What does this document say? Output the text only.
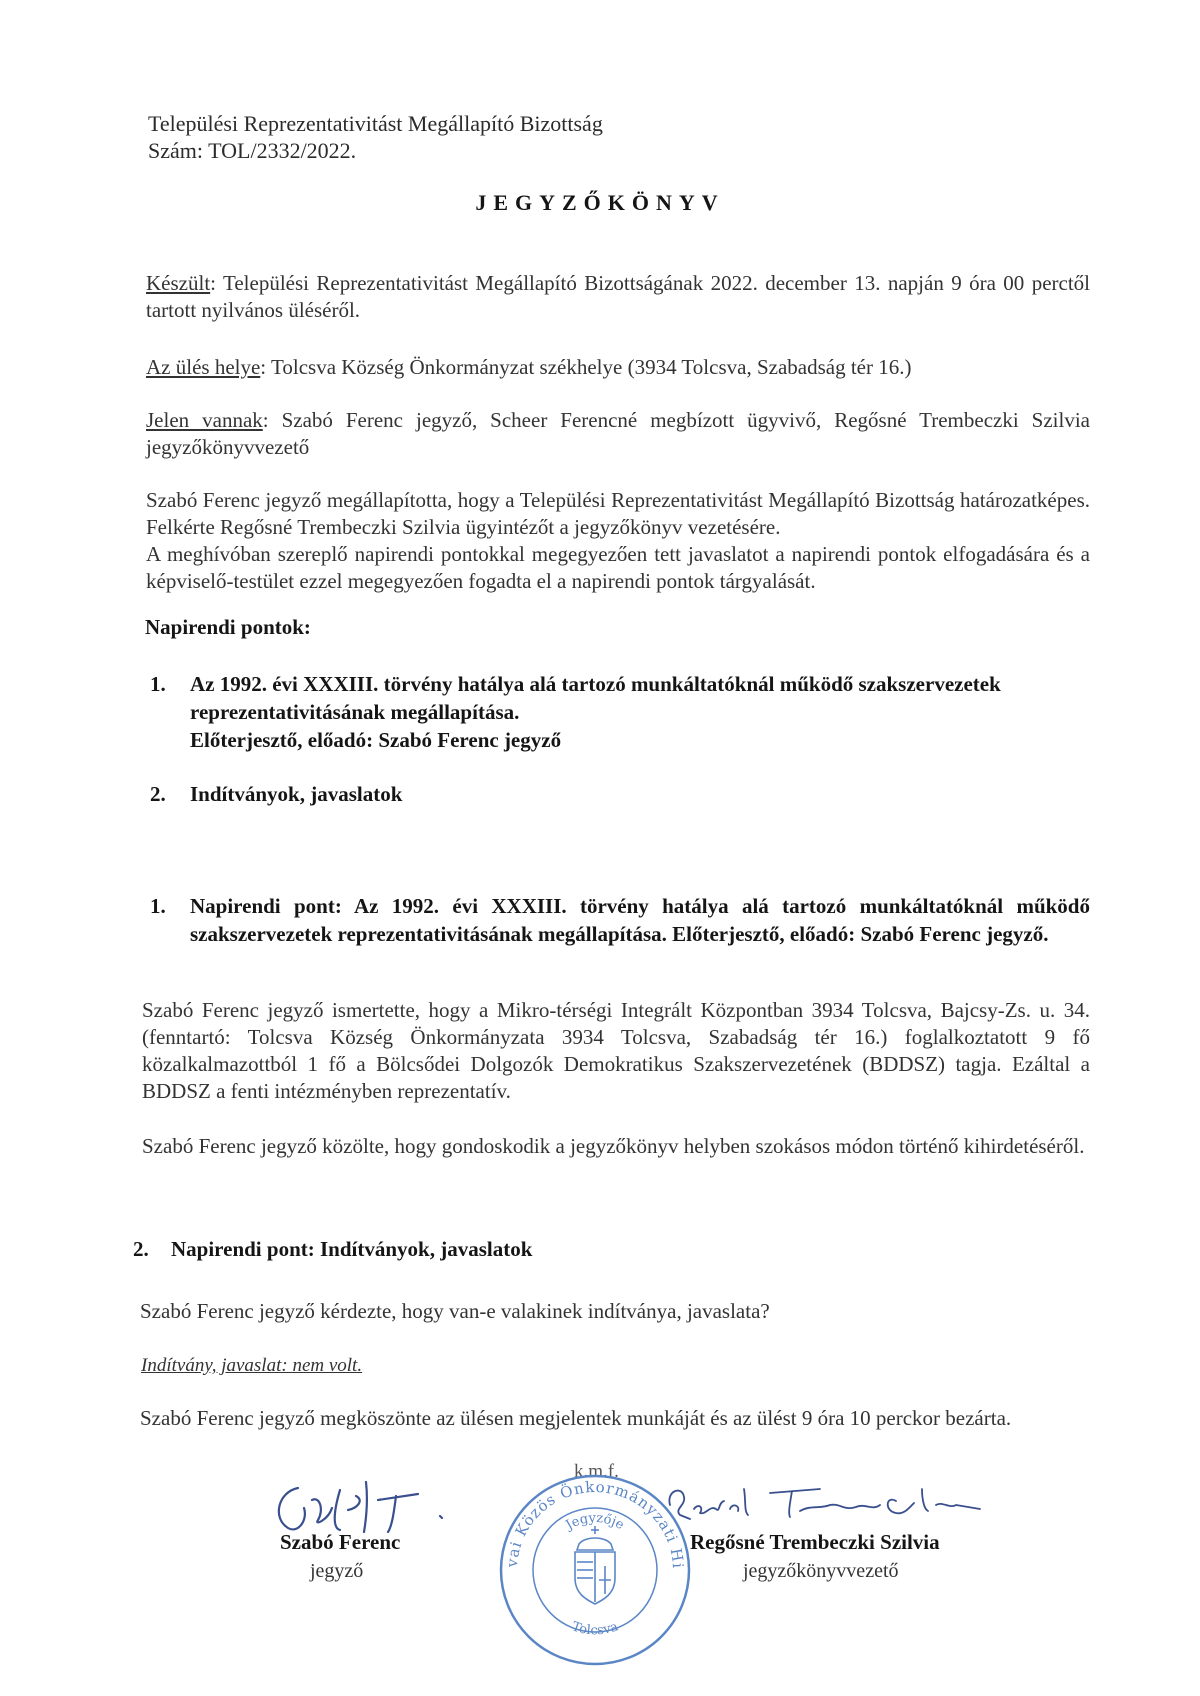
Települési Reprezentativitást Megállapító Bizottság
Szám: TOL/2332/2022.
JEGYZŐKÖNYV

Készült: Települési Reprezentativitást Megállapító Bizottságának 2022. december 13. napján 9 óra 00 perctől tartott nyilvános üléséről.

Az ülés helye: Tolcsva Község Önkormányzat székhelye (3934 Tolcsva, Szabadság tér 16.)

Jelen vannak: Szabó Ferenc jegyző, Scheer Ferencné megbízott ügyvivő, Regősné Trembeczki Szilvia jegyzőkönyvvezető

Szabó Ferenc jegyző megállapította, hogy a Települési Reprezentativitást Megállapító Bizottság határozatképes. Felkérte Regősné Trembeczki Szilvia ügyintézőt a jegyzőkönyv vezetésére.

A meghívóban szereplő napirendi pontokkal megegyezően tett javaslatot a napirendi pontok elfogadására és a képviselő-testület ezzel megegyezően fogadta el a napirendi pontok tárgyalását.

Napirendi pontok:
1. Az 1992. évi XXXIII. törvény hatálya alá tartozó munkáltatóknál működő szakszervezetek reprezentativitásának megállapítása.
Előterjesztő, előadó: Szabó Ferenc jegyző
2. Indítványok, javaslatok
1. Napirendi pont: Az 1992. évi XXXIII. törvény hatálya alá tartozó munkáltatóknál működő szakszervezetek reprezentativitásának megállapítása. Előterjesztő, előadó: Szabó Ferenc jegyző.

Szabó Ferenc jegyző ismertette, hogy a Mikro-térségi Integrált Központban 3934 Tolcsva, Bajcsy-Zs. u. 34. (fenntartó: Tolcsva Község Önkormányzata 3934 Tolcsva, Szabadság tér 16.) foglalkoztatott 9 fő közalkalmazottból 1 fő a Bölcsődei Dolgozók Demokratikus Szakszervezetének (BDDSZ) tagja. Ezáltal a BDDSZ a fenti intézményben reprezentatív.

Szabó Ferenc jegyző közölte, hogy gondoskodik a jegyzőkönyv helyben szokásos módon történő kihirdetéséről.

2. Napirendi pont: Indítványok, javaslatok

Szabó Ferenc jegyző kérdezte, hogy van-e valakinek indítványa, javaslata?

Indítvány, javaslat: nem volt.

Szabó Ferenc jegyző megköszönte az ülésen megjelentek munkáját és az ülést 9 óra 10 perckor bezárta.

k.m.f.
Szabó Ferenc
jegyző
Tolcsvai Közös Önkormányzati Hivatal
Jegyzője
Tolcsva
Regősné Trembeczki Szilvia
jegyzőkönyvvezető
